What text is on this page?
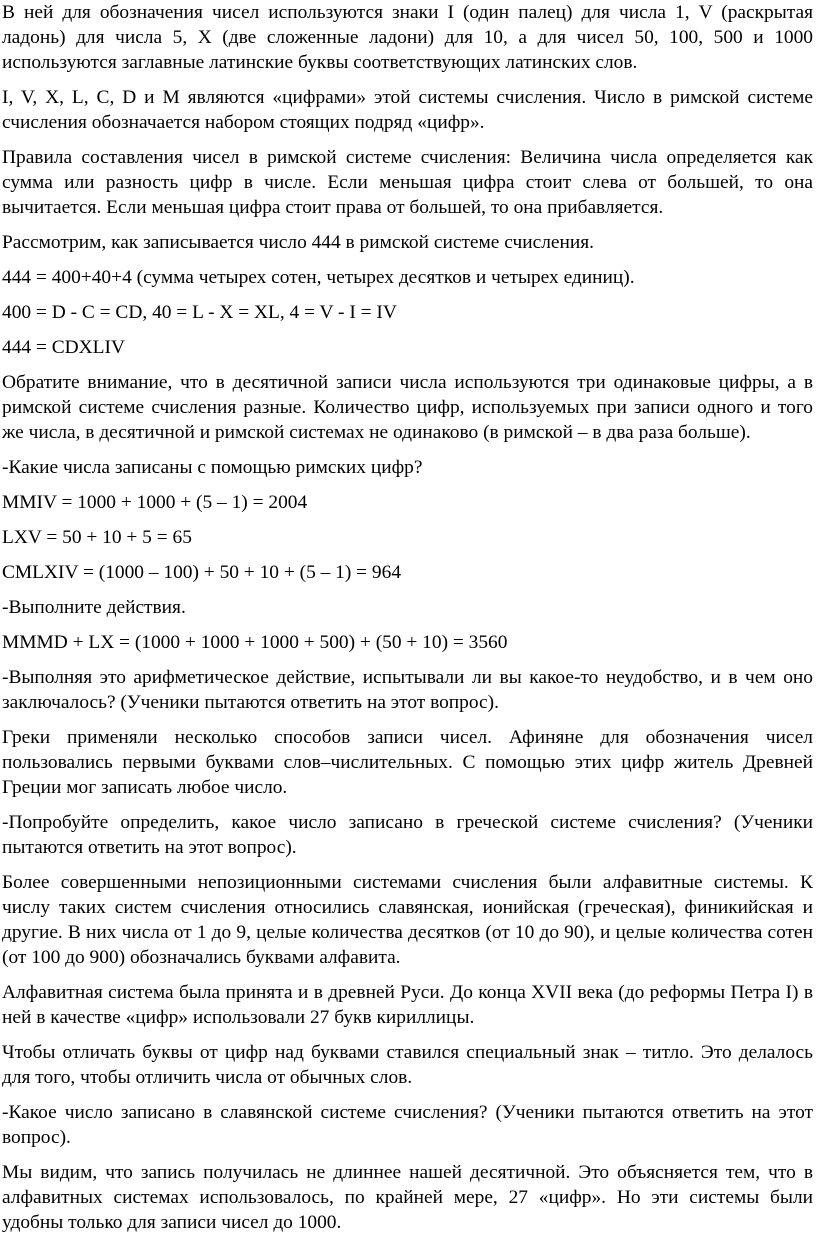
В ней для обозначения чисел используются знаки I (один палец) для числа 1, V (раскрытая ладонь) для числа 5, X (две сложенные ладони) для 10, а для чисел 50, 100, 500 и 1000 используются заглавные латинские буквы соответствующих латинских слов.

I, V, X, L, C, D и M являются «цифрами» этой системы счисления. Число в римской системе счисления обозначается набором стоящих подряд «цифр».

Правила составления чисел в римской системе счисления: Величина числа определяется как сумма или разность цифр в числе. Если меньшая цифра стоит слева от большей, то она вычитается. Если меньшая цифра стоит права от большей, то она прибавляется.

Рассмотрим, как записывается число 444 в римской системе счисления.

444 = 400+40+4 (сумма четырех сотен, четырех десятков и четырех единиц).

400 = D - C = CD, 40 = L - X = XL, 4 = V - I = IV

444 = CDXLIV

Обратите внимание, что в десятичной записи числа используются три одинаковые цифры, а в римской системе счисления разные. Количество цифр, используемых при записи одного и того же числа, в десятичной и римской системах не одинаково (в римской – в два раза больше).

-Какие числа записаны с помощью римских цифр?

MMIV = 1000 + 1000 + (5 – 1) = 2004

LXV = 50 + 10 + 5 = 65

CMLXIV = (1000 – 100) + 50 + 10 + (5 – 1) = 964

-Выполните действия.

MMMD + LX = (1000 + 1000 + 1000 + 500) + (50 + 10) = 3560

-Выполняя это арифметическое действие, испытывали ли вы какое-то неудобство, и в чем оно заключалось? (Ученики пытаются ответить на этот вопрос).

Греки применяли несколько способов записи чисел. Афиняне для обозначения чисел пользовались первыми буквами слов–числительных. С помощью этих цифр житель Древней Греции мог записать любое число.

-Попробуйте определить, какое число записано в греческой системе счисления? (Ученики пытаются ответить на этот вопрос).

Более совершенными непозиционными системами счисления были алфавитные системы. К числу таких систем счисления относились славянская, ионийская (греческая), финикийская и другие. В них числа от 1 до 9, целые количества десятков (от 10 до 90), и целые количества сотен (от 100 до 900) обозначались буквами алфавита.

Алфавитная система была принята и в древней Руси. До конца XVII века (до реформы Петра I) в ней в качестве «цифр» использовали 27 букв кириллицы.

Чтобы отличать буквы от цифр над буквами ставился специальный знак – титло. Это делалось для того, чтобы отличить числа от обычных слов.

-Какое число записано в славянской системе счисления? (Ученики пытаются ответить на этот вопрос).

Мы видим, что запись получилась не длиннее нашей десятичной. Это объясняется тем, что в алфавитных системах использовалось, по крайней мере, 27 «цифр». Но эти системы были удобны только для записи чисел до 1000.
